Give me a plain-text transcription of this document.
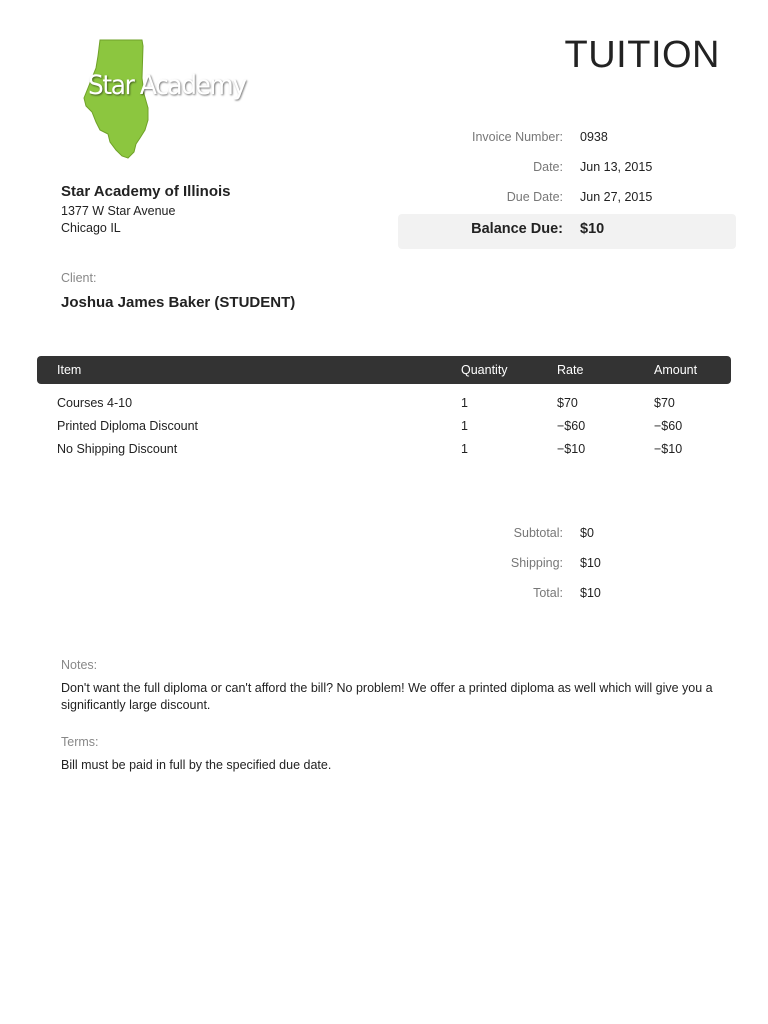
Star Academy
TUITION
Star Academy of Illinois
1377 W Star Avenue
Chicago IL
Invoice Number: 0938
Date: Jun 13, 2015
Due Date: Jun 27, 2015
Balance Due: $10
Client:
Joshua James Baker (STUDENT)
Item	Quantity	Rate	Amount
Courses 4-10	1	$70	$70
Printed Diploma Discount	1	−$60	−$60
No Shipping Discount	1	−$10	−$10
Subtotal: $0
Shipping: $10
Total: $10
Notes:
Don't want the full diploma or can't afford the bill? No problem! We offer a printed diploma as well which will give you a significantly large discount.
Terms:
Bill must be paid in full by the specified due date.
